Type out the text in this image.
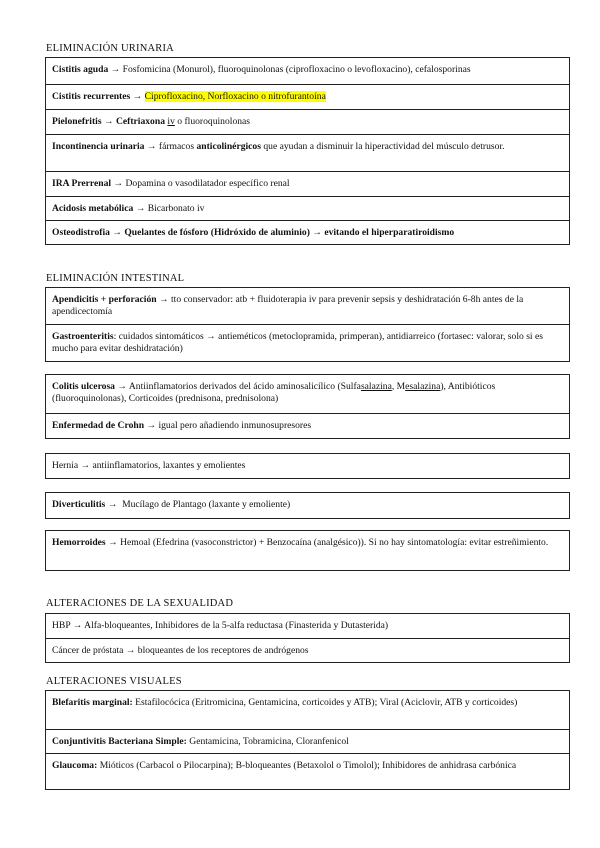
ELIMINACIÓN URINARIA
Cistitis aguda → Fosfomicina (Monurol), fluoroquinolonas (ciprofloxacino o levofloxacino), cefalosporinas
Cistitis recurrentes → Ciprofloxacino, Norfloxacino o nitrofurantoína
Pielonefritis → Ceftriaxona iv o fluoroquinolonas
Incontinencia urinaria → fármacos anticolinérgicos que ayudan a disminuir la hiperactividad del músculo detrusor.
IRA Prerrenal → Dopamina o vasodilatador específico renal
Acidosis metabólica → Bicarbonato iv
Osteodistrofia → Quelantes de fósforo (Hidróxido de aluminio) → evitando el hiperparatiroidismo
ELIMINACIÓN INTESTINAL
Apendicitis + perforación → tto conservador: atb + fluidoterapia iv para prevenir sepsis y deshidratación 6-8h antes de la apendicectomía
Gastroenteritis: cuidados sintomáticos → antieméticos (metoclopramida, primperan), antidiarreico (fortasec: valorar, solo si es mucho para evitar deshidratación)
Colitis ulcerosa → Antiinflamatorios derivados del ácido aminosalicílico (Sulfasalazina, Mesalazina), Antibióticos (fluoroquinolonas), Corticoides (prednisona, prednisolona)
Enfermedad de Crohn → igual pero añadiendo inmunosupresores
Hernia → antiinflamatorios, laxantes y emolientes
Diverticulitis → Mucílago de Plantago (laxante y emoliente)
Hemorroides → Hemoal (Efedrina (vasoconstrictor) + Benzocaína (analgésico)). Si no hay sintomatología: evitar estreñimiento.
ALTERACIONES DE LA SEXUALIDAD
HBP → Alfa-bloqueantes, Inhibidores de la 5-alfa reductasa (Finasterida y Dutasterida)
Cáncer de próstata → bloqueantes de los receptores de andrógenos
ALTERACIONES VISUALES
Blefaritis marginal: Estafilocócica (Eritromicina, Gentamicina, corticoides y ATB); Viral (Aciclovir, ATB y corticoides)
Conjuntivitis Bacteriana Simple: Gentamicina, Tobramicina, Cloranfenicol
Glaucoma: Mióticos (Carbacol o Pilocarpina); B-bloqueantes (Betaxolol o Timolol); Inhibidores de anhidrasa carbónica
